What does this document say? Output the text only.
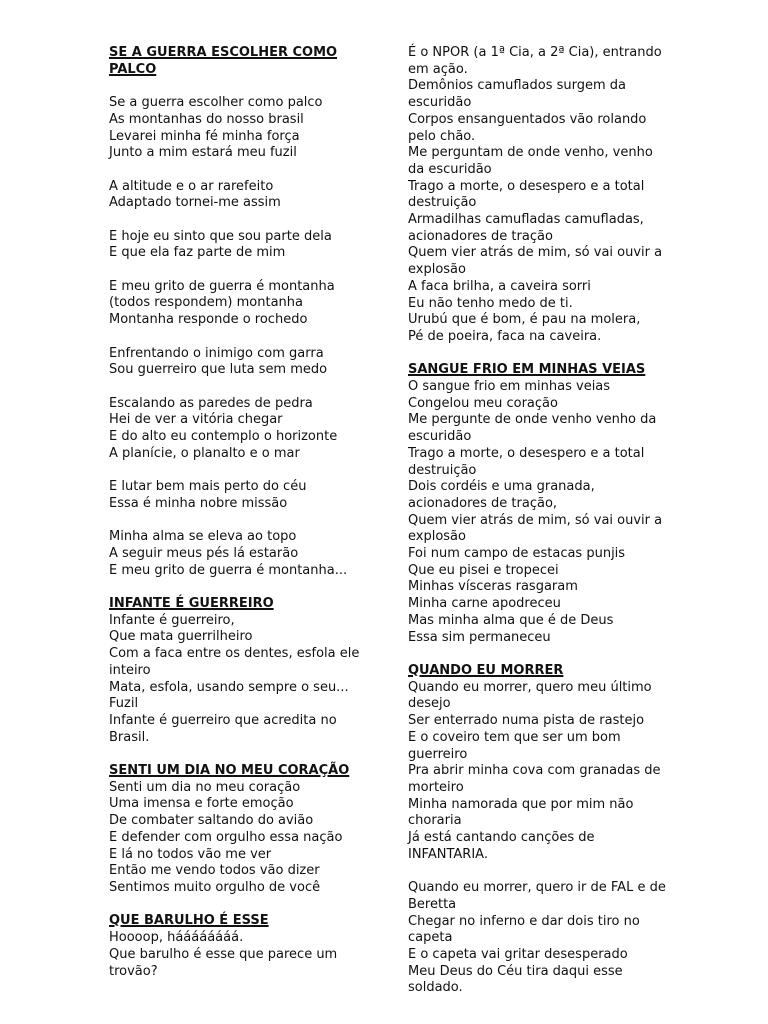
SE A GUERRA ESCOLHER COMO PALCO
Se a guerra escolher como palco
As montanhas do nosso brasil
Levarei minha fé minha força
Junto a mim estará meu fuzil
A altitude e o ar rarefeito
Adaptado tornei-me assim
E hoje eu sinto que sou parte dela
E que ela faz parte de mim
E meu grito de guerra é montanha
(todos respondem) montanha
Montanha responde o rochedo
Enfrentando o inimigo com garra
Sou guerreiro que luta sem medo
Escalando as paredes de pedra
Hei de ver a vitória chegar
E do alto eu contemplo o horizonte
A planície, o planalto e o mar
E lutar bem mais perto do céu
Essa é minha nobre missão
Minha alma se eleva ao topo
A seguir meus pés lá estarão
E meu grito de guerra é montanha...
INFANTE É GUERREIRO
Infante é guerreiro,
Que mata guerrilheiro
Com a faca entre os dentes, esfola ele inteiro
Mata, esfola, usando sempre o seu... Fuzil
Infante é guerreiro que acredita no Brasil.
SENTI UM DIA NO MEU CORAÇÃO
Senti um dia no meu coração
Uma imensa e forte emoção
De combater saltando do avião
E defender com orgulho essa nação
E lá no todos vão me ver
Então me vendo todos vão dizer
Sentimos muito orgulho de você
QUE BARULHO É ESSE
Hoooop, háááááááá.
Que barulho é esse que parece um trovão?
É o NPOR (a 1ª Cia, a 2ª Cia), entrando em ação.
Demônios camuflados surgem da escuridão
Corpos ensanguentados vão rolando pelo chão.
Me perguntam de onde venho, venho da escuridão
Trago a morte, o desespero e a total destruição
Armadilhas camufladas camufladas, acionadores de tração
Quem vier atrás de mim, só vai ouvir a explosão
A faca brilha, a caveira sorri
Eu não tenho medo de ti.
Urubú que é bom, é pau na molera,
Pé de poeira, faca na caveira.
SANGUE FRIO EM MINHAS VEIAS
O sangue frio em minhas veias
Congelou meu coração
Me pergunte de onde venho venho da escuridão
Trago a morte, o desespero e a total destruição
Dois cordéis e uma granada, acionadores de tração,
Quem vier atrás de mim, só vai ouvir a explosão
Foi num campo de estacas punjis
Que eu pisei e tropecei
Minhas vísceras rasgaram
Minha carne apodreceu
Mas minha alma que é de Deus
Essa sim permaneceu
QUANDO EU MORRER
Quando eu morrer, quero meu último desejo
Ser enterrado numa pista de rastejo
E o coveiro tem que ser um bom guerreiro
Pra abrir minha cova com granadas de morteiro
Minha namorada que por mim não choraria
Já está cantando canções de INFANTARIA.
Quando eu morrer, quero ir de FAL e de Beretta
Chegar no inferno e dar dois tiro no capeta
E o capeta vai gritar desesperado
Meu Deus do Céu tira daqui esse soldado.
